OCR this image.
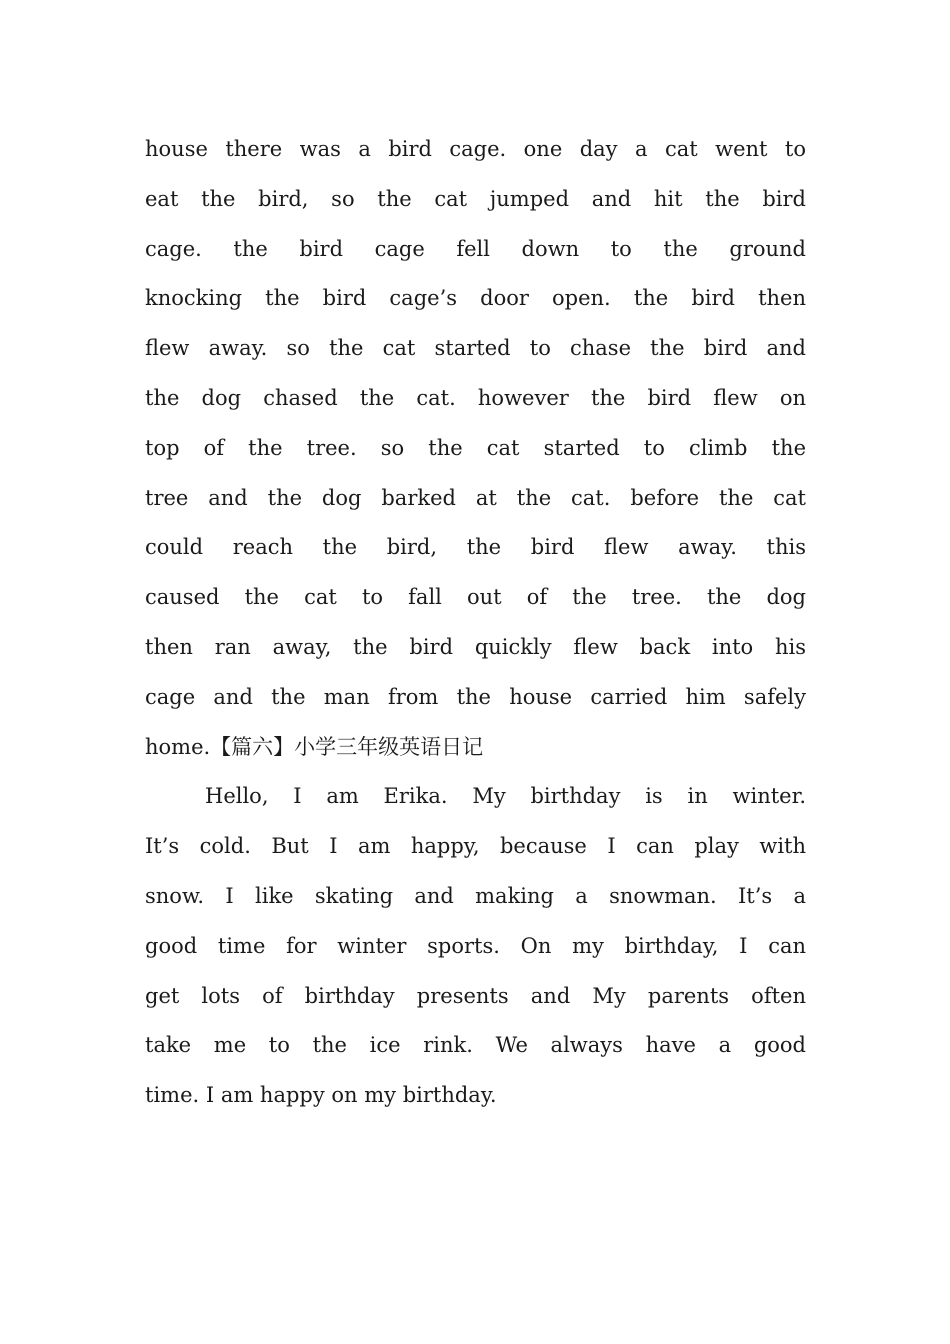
house there was a bird cage. one day a cat went to
eat the bird, so the cat jumped and hit the bird
cage. the bird cage fell down to the ground
knocking the bird cage’s door open. the bird then
flew away. so the cat started to chase the bird and
the dog chased the cat. however the bird flew on
top of the tree. so the cat started to climb the
tree and the dog barked at the cat. before the cat
could reach the bird, the bird flew away. this
caused the cat to fall out of the tree. the dog
then ran away, the bird quickly flew back into his
cage and the man from the house carried him safely
home.【篇六】小学三年级英语日记
Hello, I am Erika. My birthday is in winter.
It’s cold. But I am happy, because I can play with
snow. I like skating and making a snowman. It’s a
good time for winter sports. On my birthday, I can
get lots of birthday presents and My parents often
take me to the ice rink. We always have a good
time. I am happy on my birthday.
